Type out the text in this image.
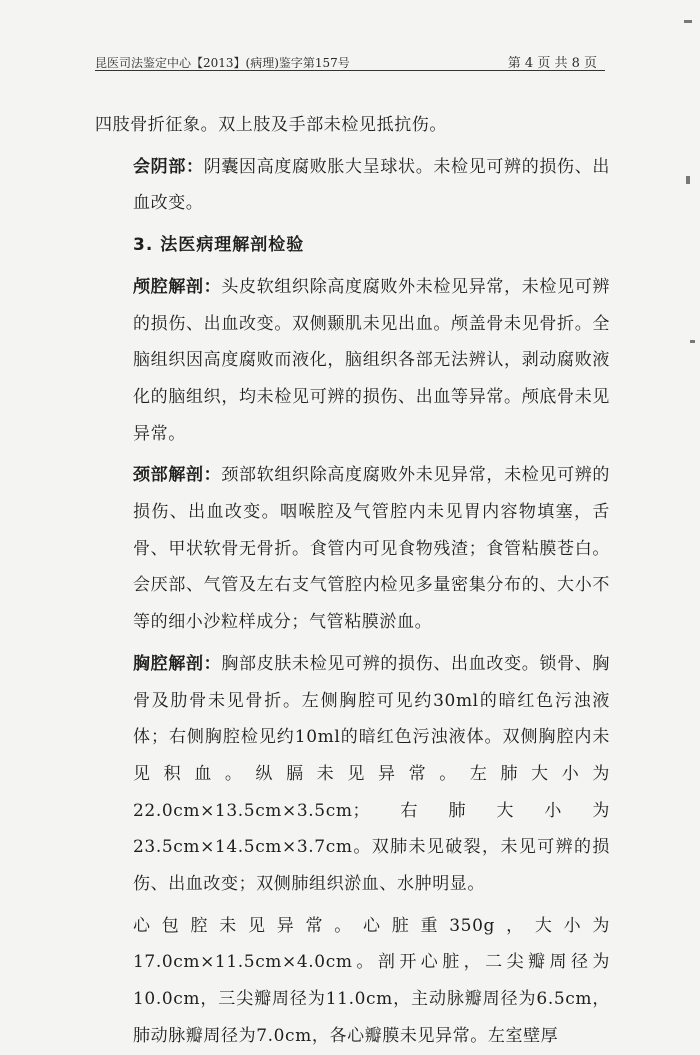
昆医司法鉴定中心【2013】(病理)鉴字第157号	第 4 页 共 8 页

四肢骨折征象。双上肢及手部未检见抵抗伤。

会阴部：阴囊因高度腐败胀大呈球状。未检见可辨的损伤、出血改变。

3. 法医病理解剖检验

颅腔解剖：头皮软组织除高度腐败外未检见异常，未检见可辨的损伤、出血改变。双侧颞肌未见出血。颅盖骨未见骨折。全脑组织因高度腐败而液化，脑组织各部无法辨认，剥动腐败液化的脑组织，均未检见可辨的损伤、出血等异常。颅底骨未见异常。

颈部解剖：颈部软组织除高度腐败外未见异常，未检见可辨的损伤、出血改变。咽喉腔及气管腔内未见胃内容物填塞，舌骨、甲状软骨无骨折。食管内可见食物残渣；食管粘膜苍白。会厌部、气管及左右支气管腔内检见多量密集分布的、大小不等的细小沙粒样成分；气管粘膜淤血。

胸腔解剖：胸部皮肤未检见可辨的损伤、出血改变。锁骨、胸骨及肋骨未见骨折。左侧胸腔可见约30ml的暗红色污浊液体；右侧胸腔检见约10ml的暗红色污浊液体。双侧胸腔内未见积血。纵膈未见异常。左肺大小为22.0cm×13.5cm×3.5cm；右肺大小为23.5cm×14.5cm×3.7cm。双肺未见破裂，未见可辨的损伤、出血改变；双侧肺组织淤血、水肿明显。

心包腔未见异常。心脏重350g，大小为17.0cm×11.5cm×4.0cm。剖开心脏，二尖瓣周径为10.0cm，三尖瓣周径为11.0cm，主动脉瓣周径为6.5cm，肺动脉瓣周径为7.0cm，各心瓣膜未见异常。左室壁厚
